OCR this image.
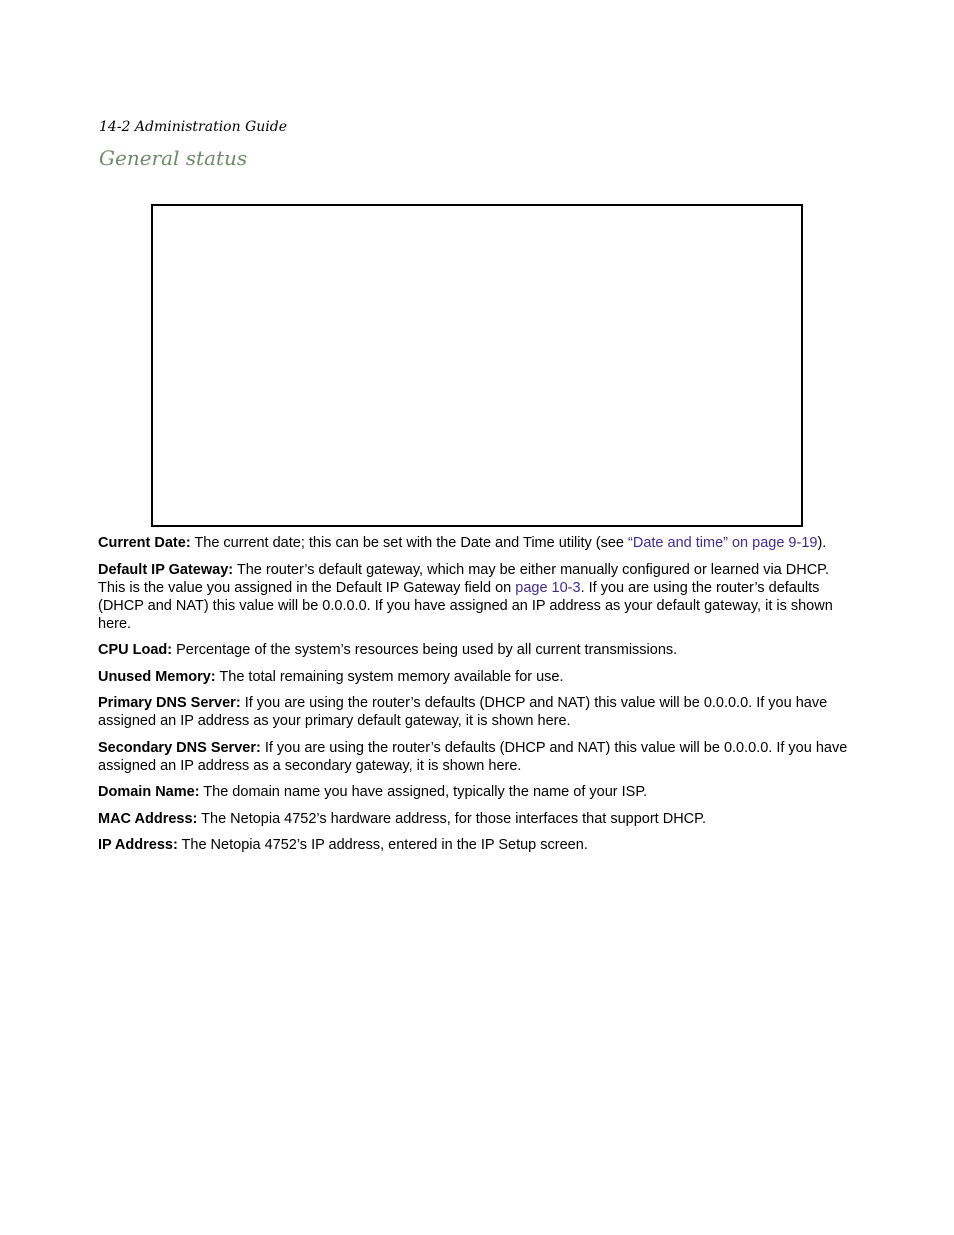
14-2 Administration Guide
General status

Current Date: The current date; this can be set with the Date and Time utility (see “Date and time” on page 9-19).

Default IP Gateway: The router’s default gateway, which may be either manually configured or learned via DHCP. This is the value you assigned in the Default IP Gateway field on page 10-3. If you are using the router’s defaults (DHCP and NAT) this value will be 0.0.0.0. If you have assigned an IP address as your default gateway, it is shown here.

CPU Load: Percentage of the system’s resources being used by all current transmissions.

Unused Memory: The total remaining system memory available for use.

Primary DNS Server: If you are using the router’s defaults (DHCP and NAT) this value will be 0.0.0.0. If you have assigned an IP address as your primary default gateway, it is shown here.

Secondary DNS Server: If you are using the router’s defaults (DHCP and NAT) this value will be 0.0.0.0. If you have assigned an IP address as a secondary gateway, it is shown here.

Domain Name: The domain name you have assigned, typically the name of your ISP.

MAC Address: The Netopia 4752’s hardware address, for those interfaces that support DHCP.

IP Address: The Netopia 4752’s IP address, entered in the IP Setup screen.
